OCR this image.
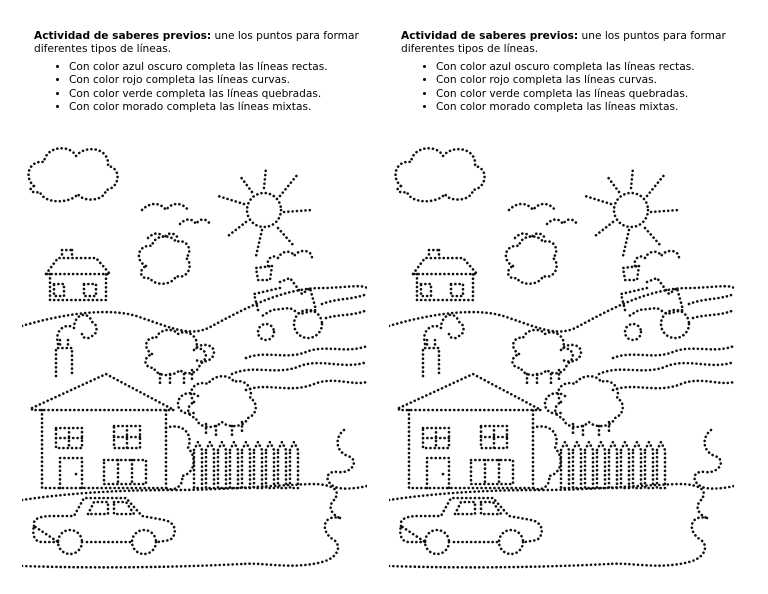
Actividad de saberes previos: une los puntos para formar diferentes tipos de líneas.

• Con color azul oscuro completa las líneas rectas.
• Con color rojo completa las líneas curvas.
• Con color verde completa las líneas quebradas.
• Con color morado completa las líneas mixtas.

Actividad de saberes previos: une los puntos para formar diferentes tipos de líneas.

• Con color azul oscuro completa las líneas rectas.
• Con color rojo completa las líneas curvas.
• Con color verde completa las líneas quebradas.
• Con color morado completa las líneas mixtas.
